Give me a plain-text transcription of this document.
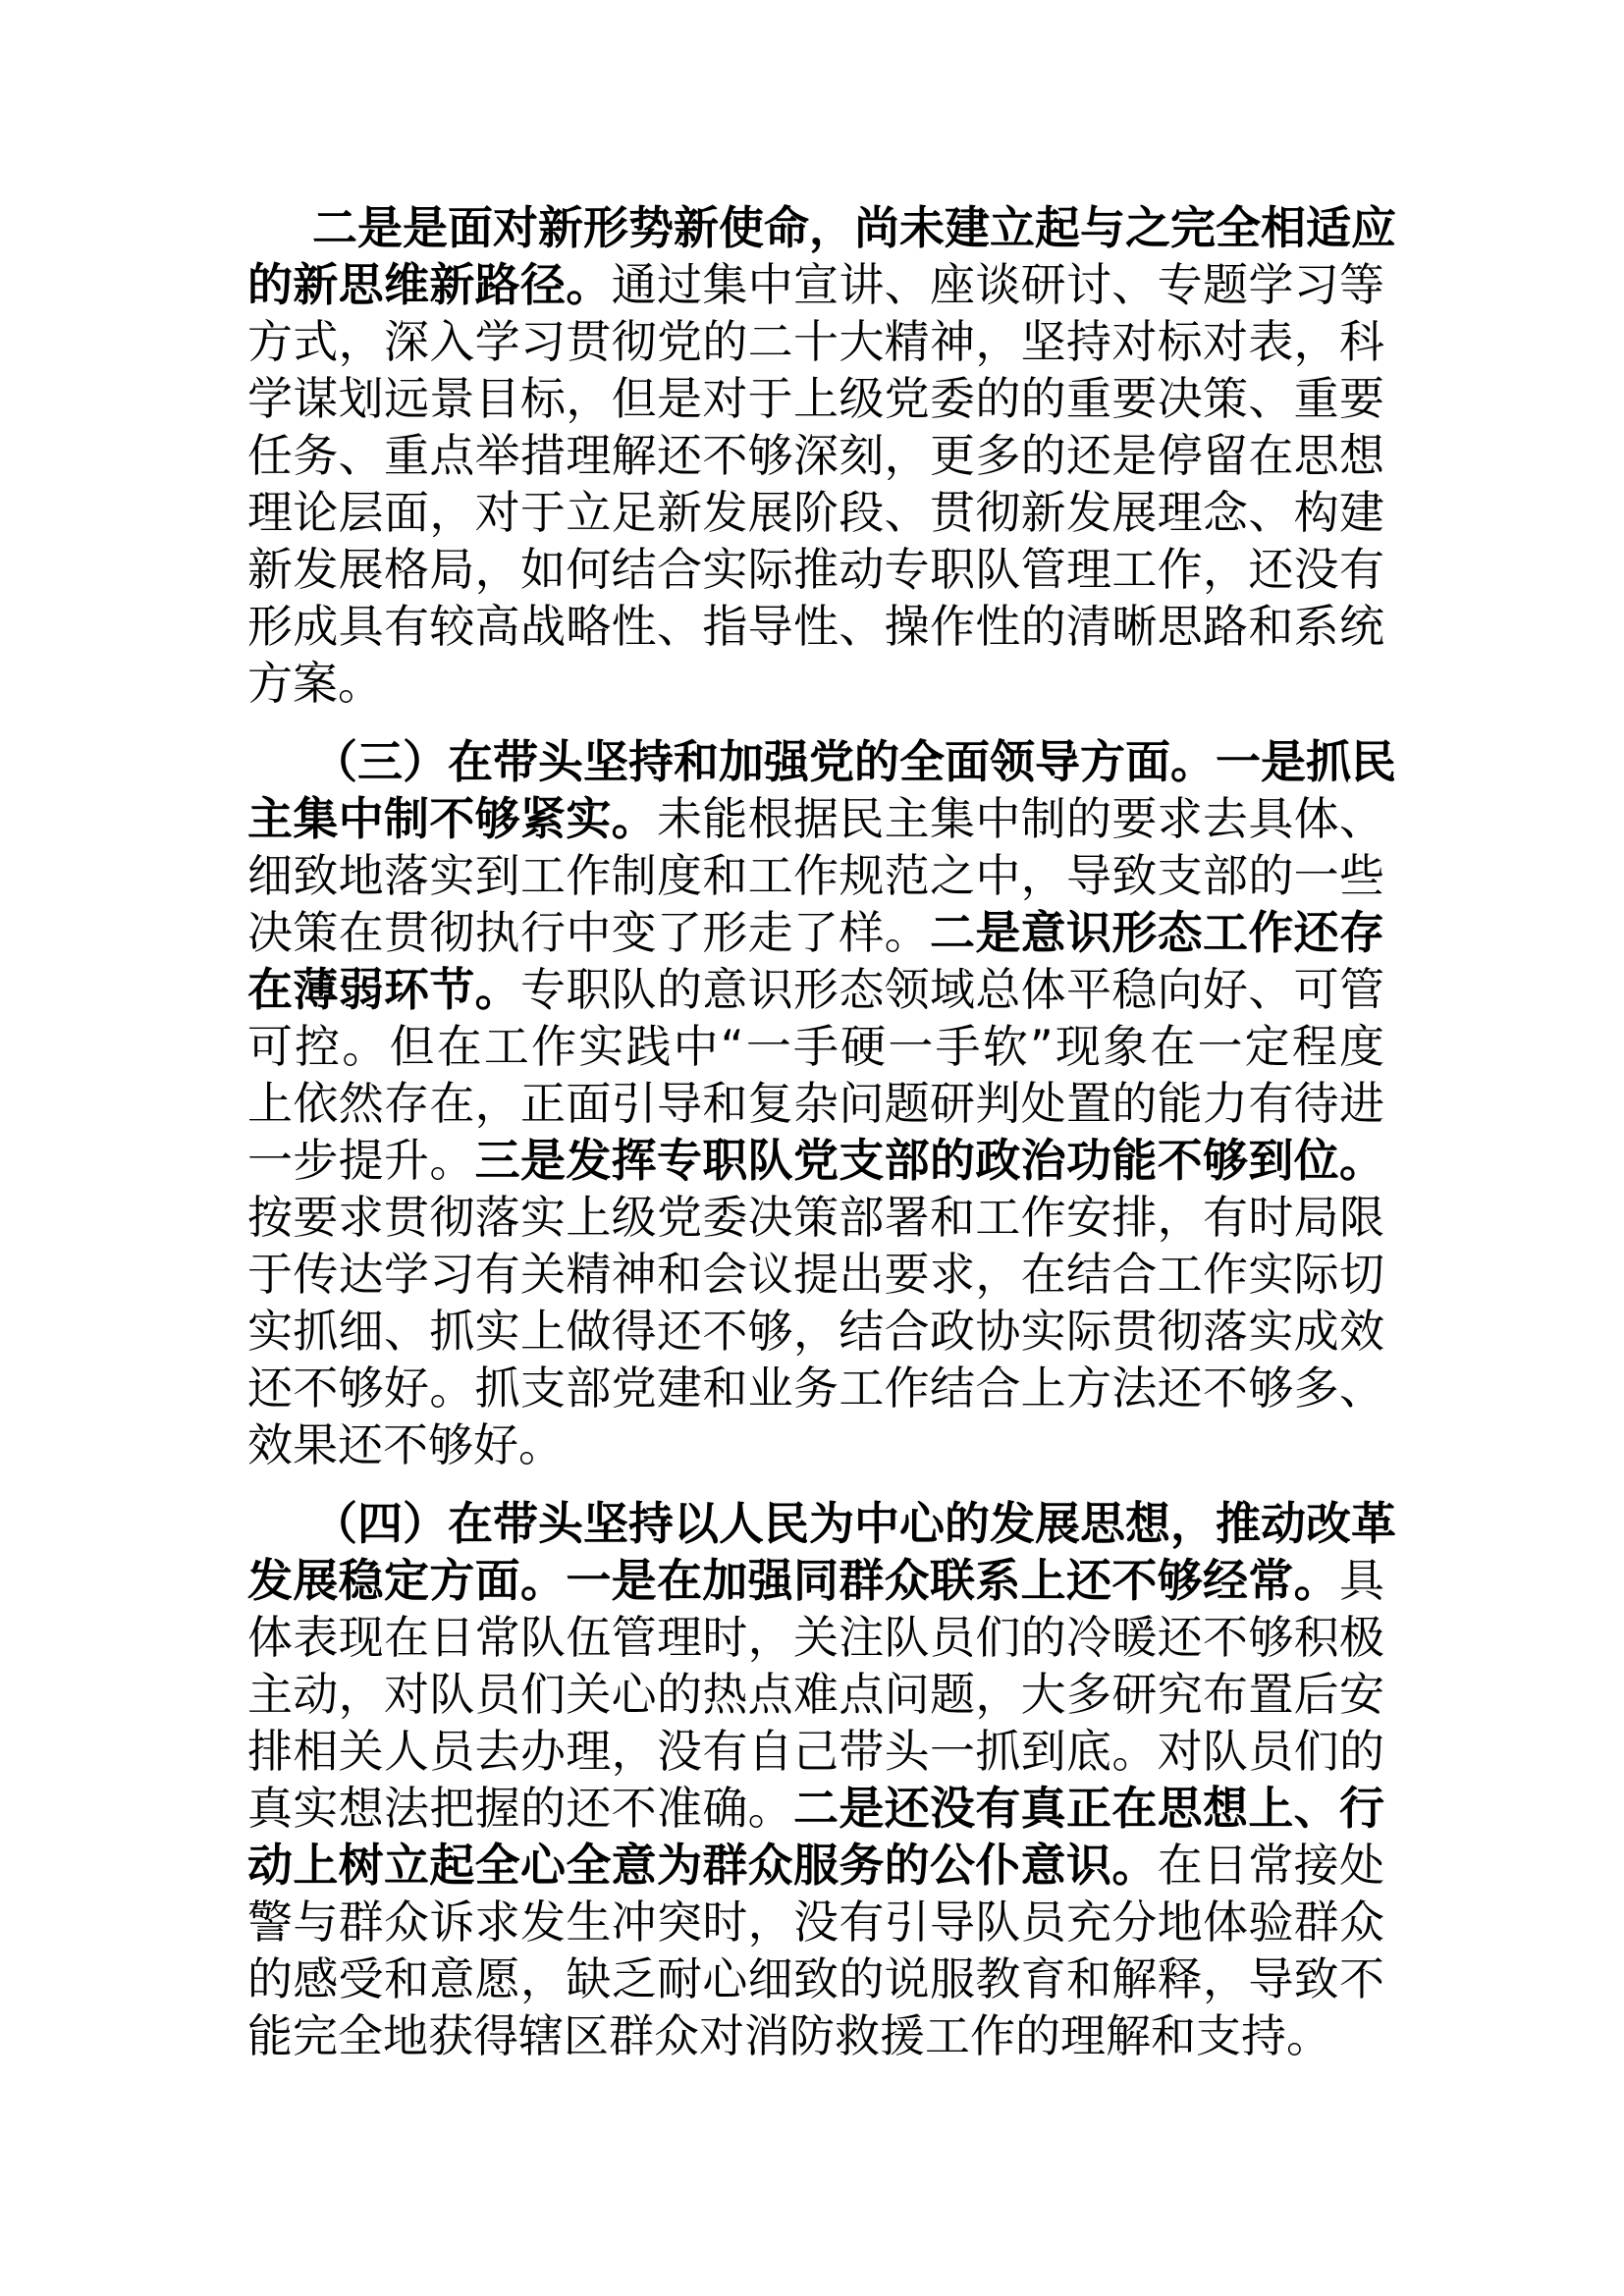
二是是面对新形势新使命，尚未建立起与之完全相适应
的新思维新路径。通过集中宣讲、座谈研讨、专题学习等
方式，深入学习贯彻党的二十大精神，坚持对标对表，科
学谋划远景目标，但是对于上级党委的的重要决策、重要
任务、重点举措理解还不够深刻，更多的还是停留在思想
理论层面，对于立足新发展阶段、贯彻新发展理念、构建
新发展格局，如何结合实际推动专职队管理工作，还没有
形成具有较高战略性、指导性、操作性的清晰思路和系统
方案。
（三）在带头坚持和加强党的全面领导方面。一是抓民
主集中制不够紧实。未能根据民主集中制的要求去具体、
细致地落实到工作制度和工作规范之中，导致支部的一些
决策在贯彻执行中变了形走了样。二是意识形态工作还存
在薄弱环节。专职队的意识形态领域总体平稳向好、可管
可控。但在工作实践中“一手硬一手软”现象在一定程度
上依然存在，正面引导和复杂问题研判处置的能力有待进
一步提升。三是发挥专职队党支部的政治功能不够到位。
按要求贯彻落实上级党委决策部署和工作安排，有时局限
于传达学习有关精神和会议提出要求，在结合工作实际切
实抓细、抓实上做得还不够，结合政协实际贯彻落实成效
还不够好。抓支部党建和业务工作结合上方法还不够多、
效果还不够好。
（四）在带头坚持以人民为中心的发展思想，推动改革
发展稳定方面。一是在加强同群众联系上还不够经常。具
体表现在日常队伍管理时，关注队员们的冷暖还不够积极
主动，对队员们关心的热点难点问题，大多研究布置后安
排相关人员去办理，没有自己带头一抓到底。对队员们的
真实想法把握的还不准确。二是还没有真正在思想上、行
动上树立起全心全意为群众服务的公仆意识。在日常接处
警与群众诉求发生冲突时，没有引导队员充分地体验群众
的感受和意愿，缺乏耐心细致的说服教育和解释，导致不
能完全地获得辖区群众对消防救援工作的理解和支持。
